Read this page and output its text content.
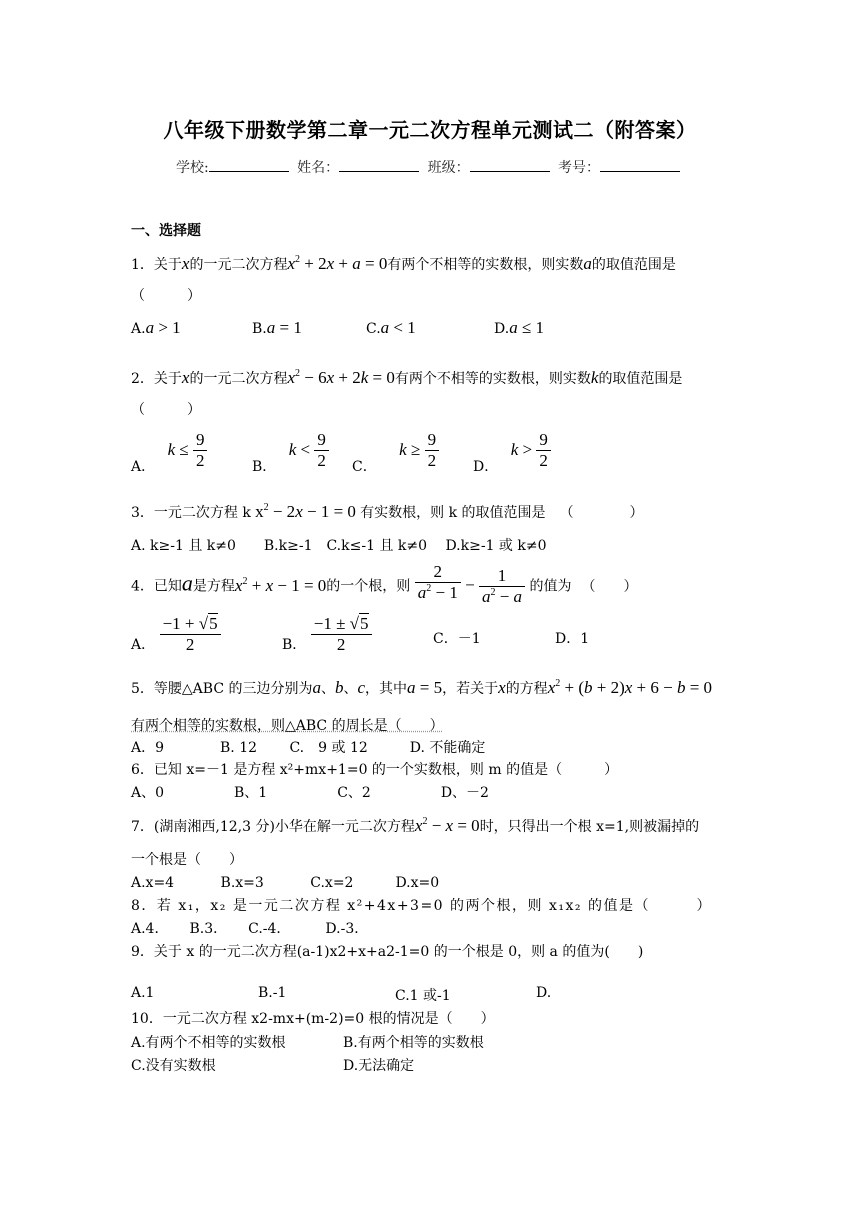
八年级下册数学第二章一元二次方程单元测试二（附答案）
学校:	姓名：	班级：	考号：
一、选择题
1．关于x的一元二次方程$x^2 + 2x + a = 0$有两个不相等的实数根，则实数a的取值范围是
（　　　）
A.a > 1	B.a = 1	C.a < 1	D.a ≤ 1
2．关于x的一元二次方程$x^2 - 6x + 2k = 0$有两个不相等的实数根，则实数k的取值范围是
（　　　）
A． $k \le \frac{9}{2}$	B． $k < \frac{9}{2}$ C． $k \ge \frac{9}{2}$ D． $k > \frac{9}{2}$
3．一元二次方程 k $x^2 - 2x - 1 = 0$ 有实数根，则 k 的取值范围是 （　　　　）
A. k≥-1 且 k≠0　　B.k≥-1　C.k≤-1 且 k≠0　 D.k≥-1 或 k≠0
4．已知a是方程$x^2 + x - 1 = 0$的一个根，则 $\frac{2}{a^2 - 1} - \frac{1}{a^2 - a}$ 的值为 （　　）
A． $\frac{-1 + √5}{2}$	B． $\frac{-1 \pm √5}{2}$	C．－1	D．1
5．等腰△ABC 的三边分别为a、b、c，其中a = 5，若关于x的方程$x^2 + (b + 2)x + 6 - b = 0$
有两个相等的实数根，则△ABC 的周长是（　　）
A．9　　　　B. 12　　 C.　9 或 12　　　D. 不能确定
6．已知 x=－1 是方程 x²+mx+1=0 的一个实数根，则 m 的值是（　　　）
A、0　　　　　B、1　　　　　C、2　　　　　D、－2
7．(湖南湘西,12,3 分)小华在解一元二次方程$x^2 - x = 0$时，只得出一个根 x=1,则被漏掉的
一个根是（　　）
A.x=4　　　 B.x=3　　　 C.x=2　　　D.x=0
8．若 x₁，x₂ 是一元二次方程 x²+4x+3=0 的两个根，则 x₁x₂ 的值是（　　　）
A.4．　　B.3．　　C.-4．　　　D.-3．
9．关于 x 的一元二次方程(a-1)x2+x+a2-1=0 的一个根是 0，则 a 的值为(　　)
A.1	B.-1	C.1 或-1	D.
10．一元二次方程 x2-mx+(m-2)=0 根的情况是（　　）
A.有两个不相等的实数根	B.有两个相等的实数根
C.没有实数根	D.无法确定
